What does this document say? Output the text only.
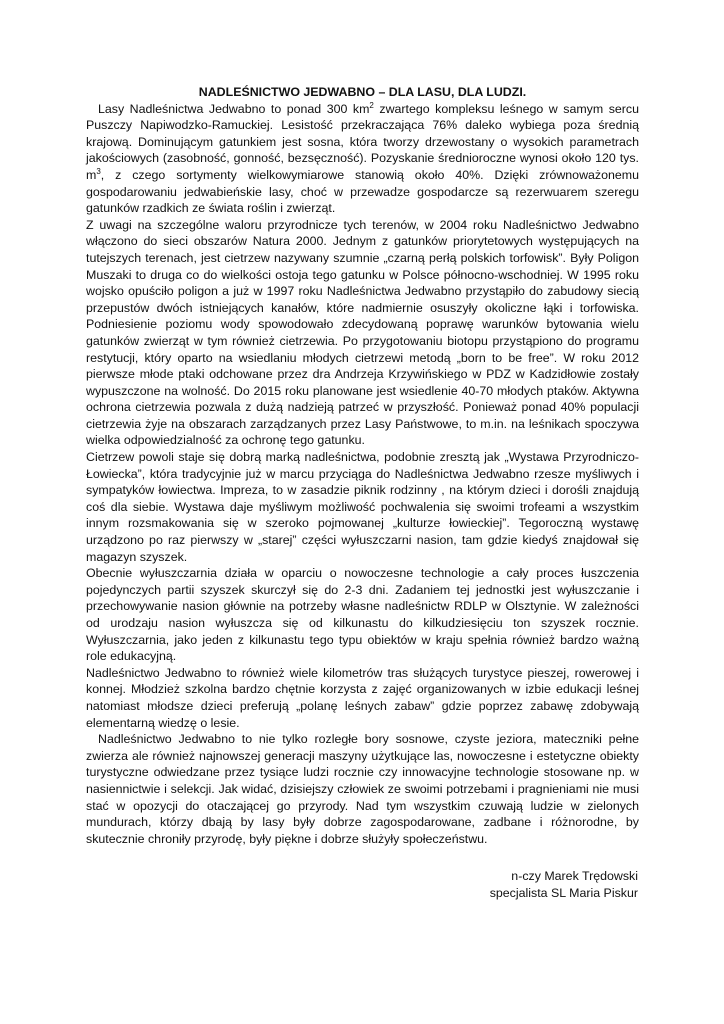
NADLEŚNICTWO JEDWABNO – DLA LASU, DLA LUDZI.

Lasy Nadleśnictwa Jedwabno to ponad 300 $km^2$ zwartego kompleksu leśnego w samym sercu Puszczy Napiwodzko-Ramuckiej. Lesistość przekraczająca 76% daleko wybiega poza średnią krajową. Dominującym gatunkiem jest sosna, która tworzy drzewostany o wysokich parametrach jakościowych (zasobność, gonność, bezsęczność). Pozyskanie średnioroczne wynosi około 120 tys. $m^3$, z czego sortymenty wielkowymiarowe stanowią około 40%. Dzięki zrównoważonemu gospodarowaniu jedwabieńskie lasy, choć w przewadze gospodarcze są rezerwuarem szeregu gatunków rzadkich ze świata roślin i zwierząt.

Z uwagi na szczególne waloru przyrodnicze tych terenów, w 2004 roku Nadleśnictwo Jedwabno włączono do sieci obszarów Natura 2000. Jednym z gatunków priorytetowych występujących na tutejszych terenach, jest cietrzew nazywany szumnie „czarną perłą polskich torfowisk”. Były Poligon Muszaki to druga co do wielkości ostoja tego gatunku w Polsce północno-wschodniej. W 1995 roku wojsko opuściło poligon a już w 1997 roku Nadleśnictwa Jedwabno przystąpiło do zabudowy siecią przepustów dwóch istniejących kanałów, które nadmiernie osuszyły okoliczne łąki i torfowiska. Podniesienie poziomu wody spowodowało zdecydowaną poprawę warunków bytowania wielu gatunków zwierząt w tym również cietrzewia. Po przygotowaniu biotopu przystąpiono do programu restytucji, który oparto na wsiedlaniu młodych cietrzewi metodą „born to be free”. W roku 2012 pierwsze młode ptaki odchowane przez dra Andrzeja Krzywińskiego w PDZ w Kadzidłowie zostały wypuszczone na wolność. Do 2015 roku planowane jest wsiedlenie 40-70 młodych ptaków. Aktywna ochrona cietrzewia pozwala z dużą nadzieją patrzeć w przyszłość. Ponieważ ponad 40% populacji cietrzewia żyje na obszarach zarządzanych przez Lasy Państwowe, to m.in. na leśnikach spoczywa wielka odpowiedzialność za ochronę tego gatunku.

Cietrzew powoli staje się dobrą marką nadleśnictwa, podobnie zresztą jak „Wystawa Przyrodniczo-Łowiecka”, która tradycyjnie już w marcu przyciąga do Nadleśnictwa Jedwabno rzesze myśliwych i sympatyków łowiectwa. Impreza, to w zasadzie piknik rodzinny , na którym dzieci i dorośli znajdują coś dla siebie. Wystawa daje myśliwym możliwość pochwalenia się swoimi trofeami a wszystkim innym rozsmakowania się w szeroko pojmowanej „kulturze łowieckiej”. Tegoroczną wystawę urządzono po raz pierwszy w „starej” części wyłuszczarni nasion, tam gdzie kiedyś znajdował się magazyn szyszek.

Obecnie wyłuszczarnia działa w oparciu o nowoczesne technologie a cały proces łuszczenia pojedynczych partii szyszek skurczył się do 2-3 dni. Zadaniem tej jednostki jest wyłuszczanie i przechowywanie nasion głównie na potrzeby własne nadleśnictw RDLP w Olsztynie. W zależności od urodzaju nasion wyłuszcza się od kilkunastu do kilkudziesięciu ton szyszek rocznie. Wyłuszczarnia, jako jeden z kilkunastu tego typu obiektów w kraju spełnia również bardzo ważną role edukacyjną.

Nadleśnictwo Jedwabno to również wiele kilometrów tras służących turystyce pieszej, rowerowej i konnej. Młodzież szkolna bardzo chętnie korzysta z zajęć organizowanych w izbie edukacji leśnej natomiast młodsze dzieci preferują „polanę leśnych zabaw” gdzie poprzez zabawę zdobywają elementarną wiedzę o lesie.

Nadleśnictwo Jedwabno to nie tylko rozległe bory sosnowe, czyste jeziora, mateczniki pełne zwierza ale również najnowszej generacji maszyny użytkujące las, nowoczesne i estetyczne obiekty turystyczne odwiedzane przez tysiące ludzi rocznie czy innowacyjne technologie stosowane np. w nasiennictwie i selekcji. Jak widać, dzisiejszy człowiek ze swoimi potrzebami i pragnieniami nie musi stać w opozycji do otaczającej go przyrody. Nad tym wszystkim czuwają ludzie w zielonych mundurach, którzy dbają by lasy były dobrze zagospodarowane, zadbane i różnorodne, by skutecznie chroniły przyrodę, były piękne i dobrze służyły społeczeństwu.

n-czy Marek Trędowski
specjalista SL Maria Piskur
